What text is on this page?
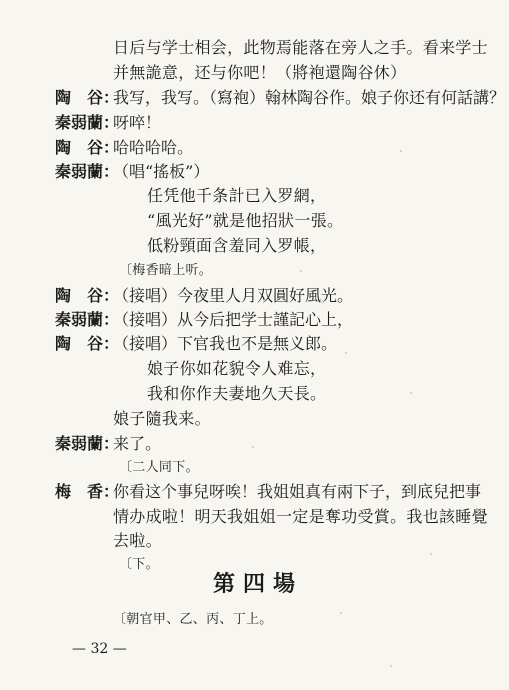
日后与学士相会，此物焉能落在旁人之手。看来学士
并無詭意，还与你吧！（將袍還陶谷休）
陶　谷：
我写，我写。（寫袍）翰林陶谷作。娘子你还有何話講？
秦弱蘭：
呀啐！
陶　谷：
哈哈哈哈。
秦弱蘭：
（唱“搖板”）
任凭他千条計已入罗網，
“風光好”就是他招狀一張。
低粉頸面含羞同入罗帳，
〔梅香暗上听。
陶　谷：
（接唱）今夜里人月双圓好風光。
秦弱蘭：
（接唱）从今后把学士謹記心上，
陶　谷：
（接唱）下官我也不是無义郎。
娘子你如花貌令人难忘，
我和你作夫妻地久天長。
娘子隨我来。
秦弱蘭：
来了。
〔二人同下。
梅　香：
你看这个事兒呀唉！我姐姐真有兩下子，到底兒把事
情办成啦！明天我姐姐一定是奪功受賞。我也該睡覺
去啦。
〔下。
第四場
〔朝官甲、乙、丙、丁上。
— 32 —
